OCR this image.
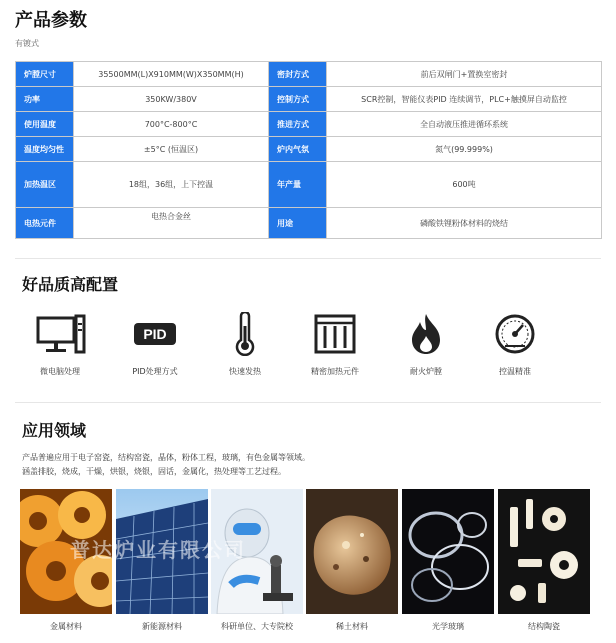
产品参数
有镀式
炉膛尺寸	35500MM(L)X910MM(W)X350MM(H)	密封方式	前后双闸门+置换室密封
功率	350KW/380V	控制方式	SCR控制，智能仪表PID 连续调节，PLC+触摸屏自动监控
使用温度	700°C-800°C	推进方式	全自动液压推进循环系统
温度均匀性	±5°C (恒温区)	炉内气氛	氮气(99.999%)
加热温区	18组，36组，上下控温	年产量	600吨
电热元件	电热合金丝	用途	磷酸铁锂粉体材料的烧结
好品质高配置
微电脑处理
PID
PID处理方式	快速发热	精密加热元件	耐火炉膛	控温精准
应用领域
产品普遍应用于电子窑瓷，结构窑瓷，晶体，粉体工程，玻璃，有色金属等领域。
涵盖排胶，烧成，干燥，烘银，烧银，固话，金属化，热处理等工艺过程。
普达炉业有限公司
金属材料	新能源材料	科研单位、大专院校	稀土材料	光学玻璃	结构陶瓷
